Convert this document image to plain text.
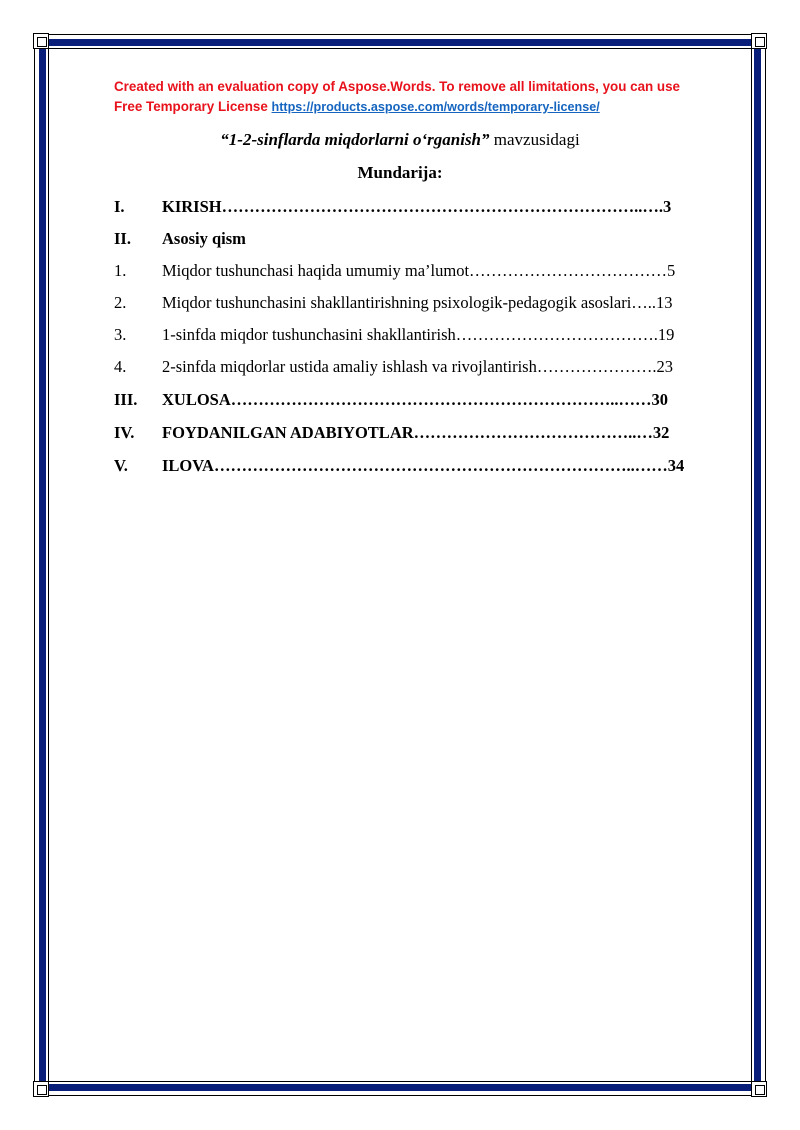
Created with an evaluation copy of Aspose.Words. To remove all limitations, you can use
Free Temporary License https://products.aspose.com/words/temporary-license/
“1-2-sinflarda miqdorlarni o‘rganish” mavzusidagi
Mundarija:
I. KIRISH…………………………………………………………………..….3
II. Asosiy qism
1. Miqdor tushunchasi haqida umumiy ma’lumot………………………………5
2. Miqdor tushunchasini shakllantirishning psixologik-pedagogik asoslari…..13
3. 1-sinfda miqdor tushunchasini shakllantirish……………………………….19
4. 2-sinfda miqdorlar ustida amaliy ishlash va rivojlantirish………………….23
III. XULOSA……………………………………………………………..……30
IV. FOYDANILGAN ADABIYOTLAR…………………………………..…32
V. ILOVA…………………………………………………………………..……34
